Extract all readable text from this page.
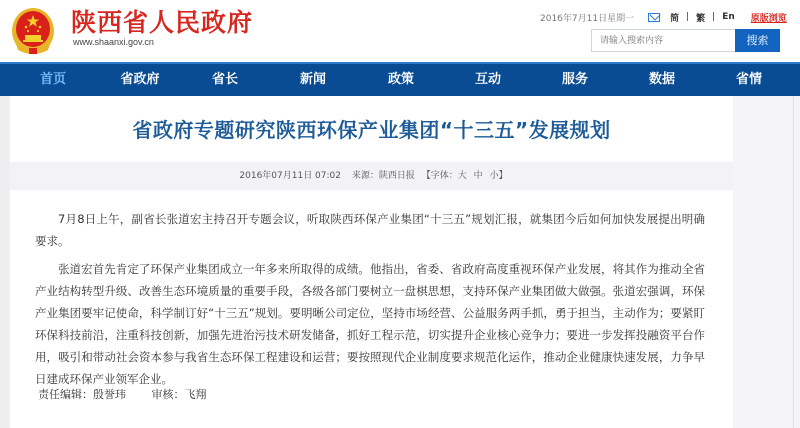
陕西省人民政府
www.shaanxi.gov.cn
2016年7月11日星期一	简 | 繁 | En 原版浏览
请输入搜索内容
搜索
首页	省政府	省长	新闻	政策	互动	服务	数据	省情
省政府专题研究陕西环保产业集团“十三五”发展规划
2016年07月11日 07:02 来源：陕西日报 【字体：大 中 小】

7月8日上午，副省长张道宏主持召开专题会议，听取陕西环保产业集团“十三五”规划汇报，就集团今后如何加快发展提出明确要求。

张道宏首先肯定了环保产业集团成立一年多来所取得的成绩。他指出，省委、省政府高度重视环保产业发展，将其作为推动全省产业结构转型升级、改善生态环境质量的重要手段，各级各部门要树立一盘棋思想，支持环保产业集团做大做强。张道宏强调，环保产业集团要牢记使命，科学制订好“十三五”规划。要明晰公司定位，坚持市场经营、公益服务两手抓，勇于担当，主动作为；要紧盯环保科技前沿，注重科技创新，加强先进治污技术研发储备，抓好工程示范，切实提升企业核心竞争力；要进一步发挥投融资平台作用，吸引和带动社会资本参与我省生态环保工程建设和运营；要按照现代企业制度要求规范化运作，推动企业健康快速发展，力争早日建成环保产业领军企业。

责任编辑：殷誉玮 审核：飞翔
